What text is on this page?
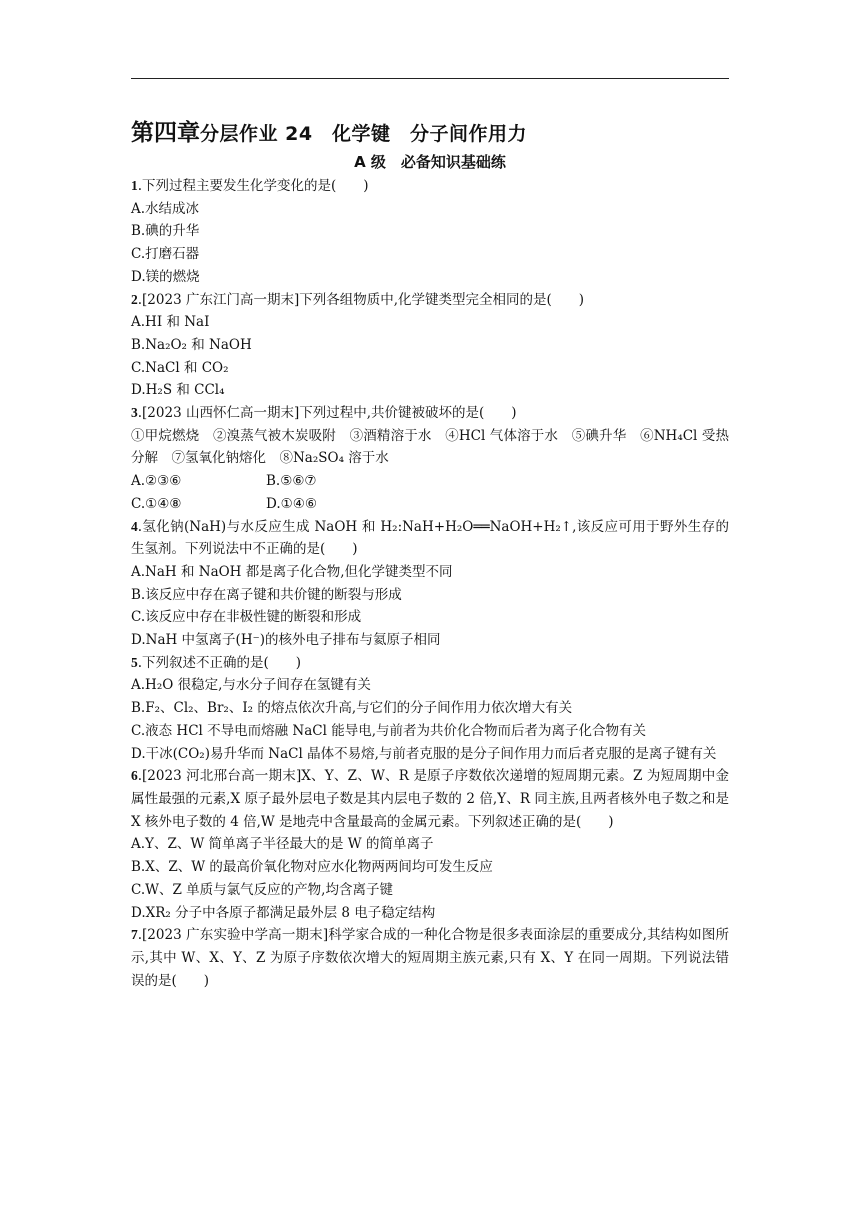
第四章分层作业 24　化学键　分子间作用力
A 级　必备知识基础练
1.下列过程主要发生化学变化的是(　　)
A.水结成冰
B.碘的升华
C.打磨石器
D.镁的燃烧
2.[2023 广东江门高一期末]下列各组物质中,化学键类型完全相同的是(　　)
A.HI 和 NaI
B.Na₂O₂ 和 NaOH
C.NaCl 和 CO₂
D.H₂S 和 CCl₄
3.[2023 山西怀仁高一期末]下列过程中,共价键被破坏的是(　　)
①甲烷燃烧　②溴蒸气被木炭吸附　③酒精溶于水　④HCl 气体溶于水　⑤碘升华　⑥NH₄Cl 受热分解　⑦氢氧化钠熔化　⑧Na₂SO₄ 溶于水
A.②③⑥	B.⑤⑥⑦
C.①④⑧	D.①④⑥
4.氢化钠(NaH)与水反应生成 NaOH 和 H₂:NaH+H₂O══NaOH+H₂↑,该反应可用于野外生存的生氢剂。下列说法中不正确的是(　　)
A.NaH 和 NaOH 都是离子化合物,但化学键类型不同
B.该反应中存在离子键和共价键的断裂与形成
C.该反应中存在非极性键的断裂和形成
D.NaH 中氢离子(H⁻)的核外电子排布与氦原子相同
5.下列叙述不正确的是(　　)
A.H₂O 很稳定,与水分子间存在氢键有关
B.F₂、Cl₂、Br₂、I₂ 的熔点依次升高,与它们的分子间作用力依次增大有关
C.液态 HCl 不导电而熔融 NaCl 能导电,与前者为共价化合物而后者为离子化合物有关
D.干冰(CO₂)易升华而 NaCl 晶体不易熔,与前者克服的是分子间作用力而后者克服的是离子键有关
6.[2023 河北邢台高一期末]X、Y、Z、W、R 是原子序数依次递增的短周期元素。Z 为短周期中金属性最强的元素,X 原子最外层电子数是其内层电子数的 2 倍,Y、R 同主族,且两者核外电子数之和是 X 核外电子数的 4 倍,W 是地壳中含量最高的金属元素。下列叙述正确的是(　　)
A.Y、Z、W 简单离子半径最大的是 W 的简单离子
B.X、Z、W 的最高价氧化物对应水化物两两间均可发生反应
C.W、Z 单质与氯气反应的产物,均含离子键
D.XR₂ 分子中各原子都满足最外层 8 电子稳定结构
7.[2023 广东实验中学高一期末]科学家合成的一种化合物是很多表面涂层的重要成分,其结构如图所示,其中 W、X、Y、Z 为原子序数依次增大的短周期主族元素,只有 X、Y 在同一周期。下列说法错误的是(　　)
